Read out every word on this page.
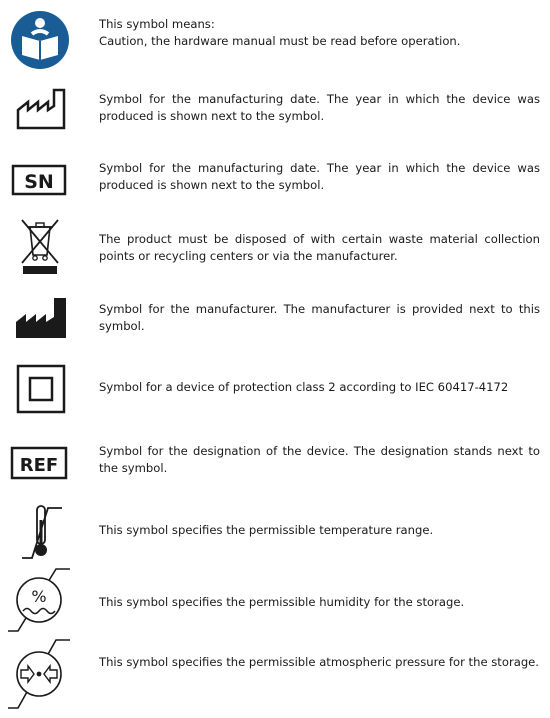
This symbol means:
Caution, the hardware manual must be read before operation.
Symbol for the manufacturing date. The year in which the device was produced is shown next to the symbol.
SN
Symbol for the manufacturing date. The year in which the device was produced is shown next to the symbol.
The product must be disposed of with certain waste material collection points or recycling centers or via the manufacturer.
Symbol for the manufacturer. The manufacturer is provided next to this symbol.
Symbol for a device of protection class 2 according to IEC 60417-4172
REF
Symbol for the designation of the device. The designation stands next to the symbol.
This symbol specifies the permissible temperature range.
%	This symbol specifies the permissible humidity for the storage.
This symbol specifies the permissible atmospheric pressure for the storage.
